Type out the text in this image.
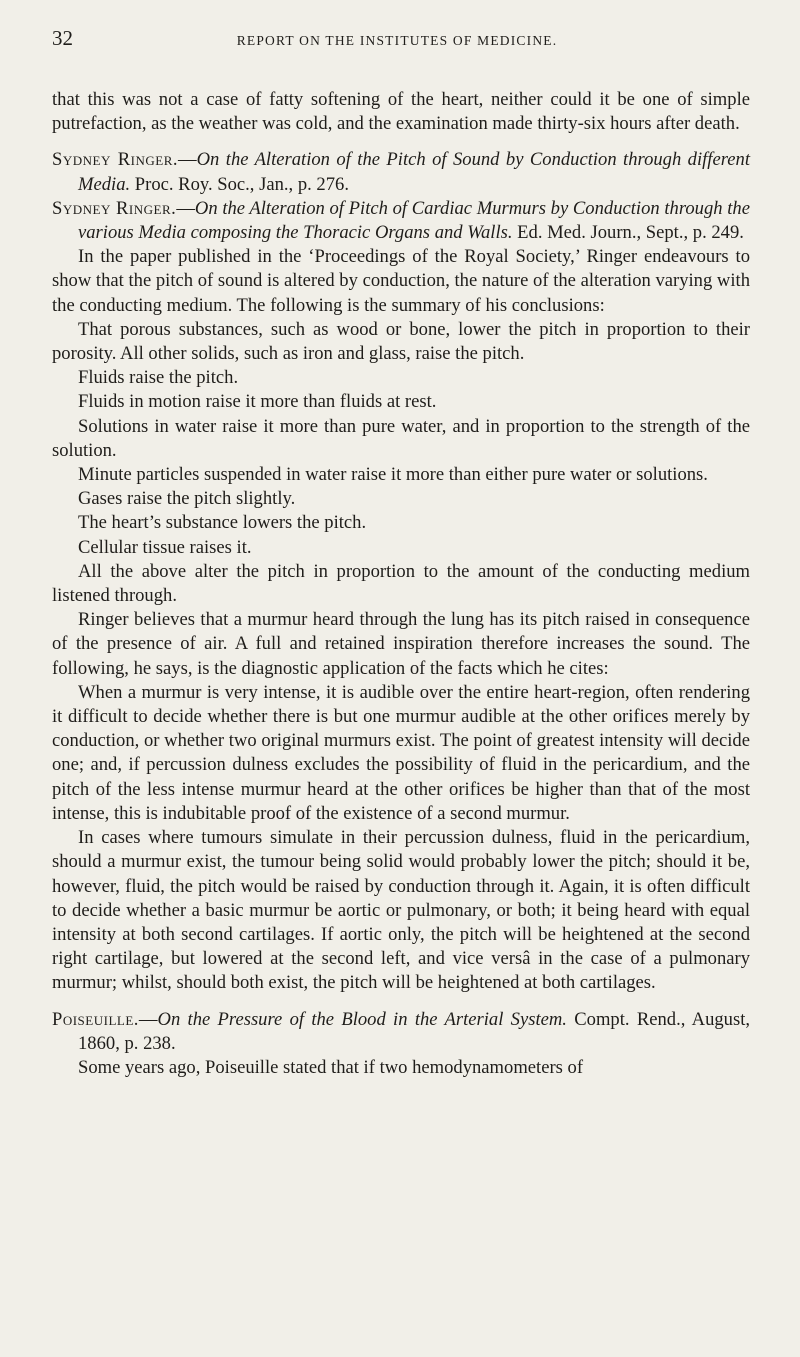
32	REPORT ON THE INSTITUTES OF MEDICINE.

that this was not a case of fatty softening of the heart, neither could it be one of simple putrefaction, as the weather was cold, and the examination made thirty-six hours after death.

Sydney Ringer.—On the Alteration of the Pitch of Sound by Conduction through different Media. Proc. Roy. Soc., Jan., p. 276.

Sydney Ringer.—On the Alteration of Pitch of Cardiac Murmurs by Conduction through the various Media composing the Thoracic Organs and Walls. Ed. Med. Journ., Sept., p. 249.

In the paper published in the ‘Proceedings of the Royal Society,’ Ringer endeavours to show that the pitch of sound is altered by conduction, the nature of the alteration varying with the conducting medium. The following is the summary of his conclusions:

That porous substances, such as wood or bone, lower the pitch in proportion to their porosity. All other solids, such as iron and glass, raise the pitch.

Fluids raise the pitch.

Fluids in motion raise it more than fluids at rest.

Solutions in water raise it more than pure water, and in proportion to the strength of the solution.

Minute particles suspended in water raise it more than either pure water or solutions.

Gases raise the pitch slightly.

The heart’s substance lowers the pitch.

Cellular tissue raises it.

All the above alter the pitch in proportion to the amount of the conducting medium listened through.

Ringer believes that a murmur heard through the lung has its pitch raised in consequence of the presence of air. A full and retained inspiration therefore increases the sound. The following, he says, is the diagnostic application of the facts which he cites:

When a murmur is very intense, it is audible over the entire heart-region, often rendering it difficult to decide whether there is but one murmur audible at the other orifices merely by conduction, or whether two original murmurs exist. The point of greatest intensity will decide one; and, if percussion dulness excludes the possibility of fluid in the pericardium, and the pitch of the less intense murmur heard at the other orifices be higher than that of the most intense, this is indubitable proof of the existence of a second murmur.

In cases where tumours simulate in their percussion dulness, fluid in the pericardium, should a murmur exist, the tumour being solid would probably lower the pitch; should it be, however, fluid, the pitch would be raised by conduction through it. Again, it is often difficult to decide whether a basic murmur be aortic or pulmonary, or both; it being heard with equal intensity at both second cartilages. If aortic only, the pitch will be heightened at the second right cartilage, but lowered at the second left, and vice versâ in the case of a pulmonary murmur; whilst, should both exist, the pitch will be heightened at both cartilages.

Poiseuille.—On the Pressure of the Blood in the Arterial System. Compt. Rend., August, 1860, p. 238.

Some years ago, Poiseuille stated that if two hemodynamometers of
